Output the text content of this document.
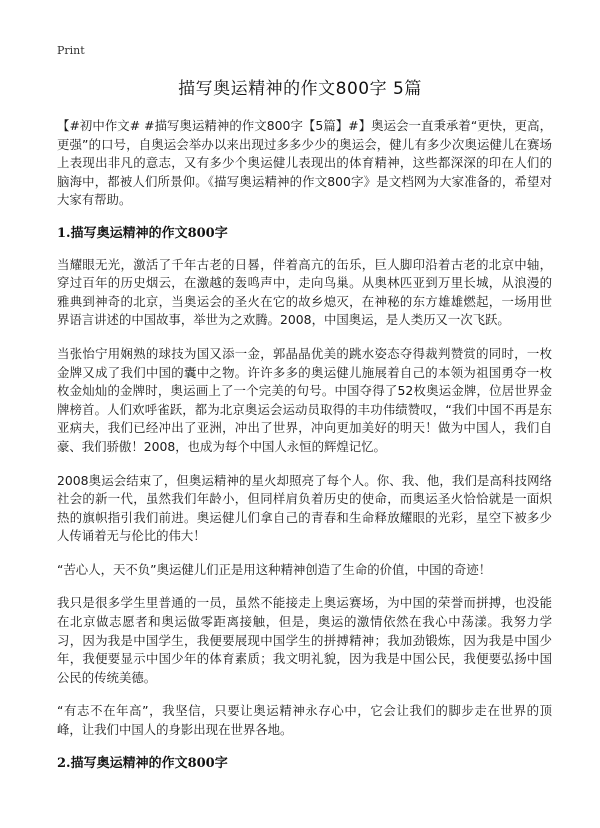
Print
描写奥运精神的作文800字 5篇

【#初中作文# #描写奥运精神的作文800字【5篇】#】奥运会一直秉承着“更快，更高，更强”的口号，自奥运会举办以来出现过多多少少的奥运会，健儿有多少次奥运健儿在赛场上表现出非凡的意志，又有多少个奥运健儿表现出的体育精神，这些都深深的印在人们的脑海中，都被人们所景仰。《描写奥运精神的作文800字》是文档网为大家准备的，希望对大家有帮助。

1.描写奥运精神的作文800字

当耀眼无光，激活了千年古老的日晷，伴着高亢的缶乐，巨人脚印沿着古老的北京中轴，穿过百年的历史烟云，在激越的轰鸣声中，走向鸟巢。从奥林匹亚到万里长城，从浪漫的雅典到神奇的北京，当奥运会的圣火在它的故乡熄灭，在神秘的东方雄雄燃起，一场用世界语言讲述的中国故事，举世为之欢腾。2008，中国奥运，是人类历又一次飞跃。

当张怡宁用娴熟的球技为国又添一金，郭晶晶优美的跳水姿态夺得裁判赞赏的同时，一枚金牌又成了我们中国的囊中之物。许许多多的奥运健儿施展着自己的本领为祖国勇夺一枚枚金灿灿的金牌时，奥运画上了一个完美的句号。中国夺得了52枚奥运金牌，位居世界金牌榜首。人们欢呼雀跃，都为北京奥运会运动员取得的丰功伟绩赞叹，“我们中国不再是东亚病夫，我们已经冲出了亚洲，冲出了世界，冲向更加美好的明天！做为中国人，我们自豪、我们骄傲！2008，也成为每个中国人永恒的辉煌记忆。

2008奥运会结束了，但奥运精神的星火却照亮了每个人。你、我、他，我们是高科技网络社会的新一代，虽然我们年龄小，但同样肩负着历史的使命，而奥运圣火恰恰就是一面炽热的旗帜指引我们前进。奥运健儿们拿自己的青春和生命释放耀眼的光彩，星空下被多少人传诵着无与伦比的伟大！

“苦心人，天不负”奥运健儿们正是用这种精神创造了生命的价值，中国的奇迹！

我只是很多学生里普通的一员，虽然不能接走上奥运赛场，为中国的荣誉而拼搏，也没能在北京做志愿者和奥运做零距离接触，但是，奥运的激情依然在我心中荡漾。我努力学习，因为我是中国学生，我便要展现中国学生的拼搏精神；我加劲锻炼，因为我是中国少年，我便要显示中国少年的体育素质；我文明礼貌，因为我是中国公民，我便要弘扬中国公民的传统美德。

“有志不在年高”，我坚信，只要让奥运精神永存心中，它会让我们的脚步走在世界的顶峰，让我们中国人的身影出现在世界各地。

2.描写奥运精神的作文800字
